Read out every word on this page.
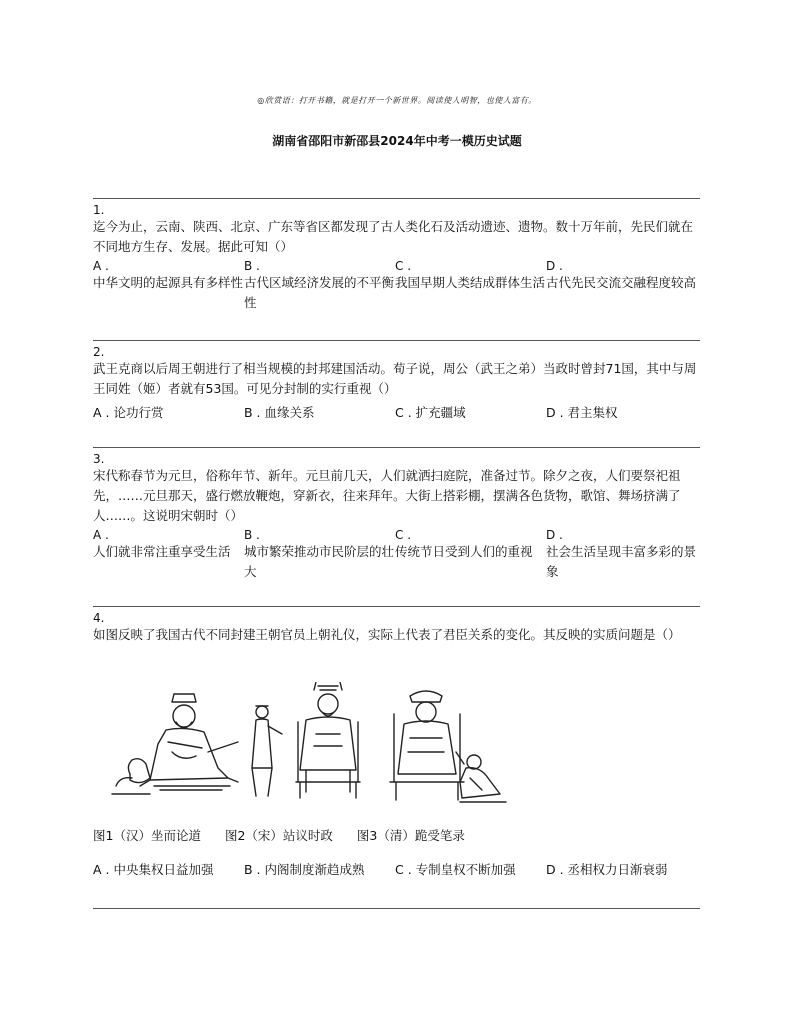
◎欣赏语：打开书籍，就是打开一个新世界。阅读使人明智，也使人富有。
湖南省邵阳市新邵县2024年中考一模历史试题
1.

迄今为止，云南、陕西、北京、广东等省区都发现了古人类化石及活动遗迹、遗物。数十万年前，先民们就在不同地方生存、发展。据此可知（）

A .
中华文明的起源具有多样性
B .
古代区域经济发展的不平衡性
C .
我国早期人类结成群体生活
D .
古代先民交流交融程度较高
2.

武王克商以后周王朝进行了相当规模的封邦建国活动。荀子说，周公（武王之弟）当政时曾封71国，其中与周王同姓（姬）者就有53国。可见分封制的实行重视（）

A . 论功行赏	B . 血缘关系	C . 扩充疆域	D . 君主集权
3.

宋代称春节为元旦，俗称年节、新年。元旦前几天，人们就洒扫庭院，准备过节。除夕之夜，人们要祭祀祖先，……元旦那天，盛行燃放鞭炮，穿新衣，往来拜年。大街上搭彩棚，摆满各色货物，歌馆、舞场挤满了人……。这说明宋朝时（）

A .
人们就非常注重享受生活
B .
城市繁荣推动市民阶层的壮大
C .
传统节日受到人们的重视
D .
社会生活呈现丰富多彩的景象
4.

如图反映了我国古代不同封建王朝官员上朝礼仪，实际上代表了君臣关系的变化。其反映的实质问题是（）

图1（汉）坐而论道 图2（宋）站议时政 图3（清）跪受笔录
A . 中央集权日益加强	B . 内阁制度渐趋成熟	C . 专制皇权不断加强	D . 丞相权力日渐衰弱
